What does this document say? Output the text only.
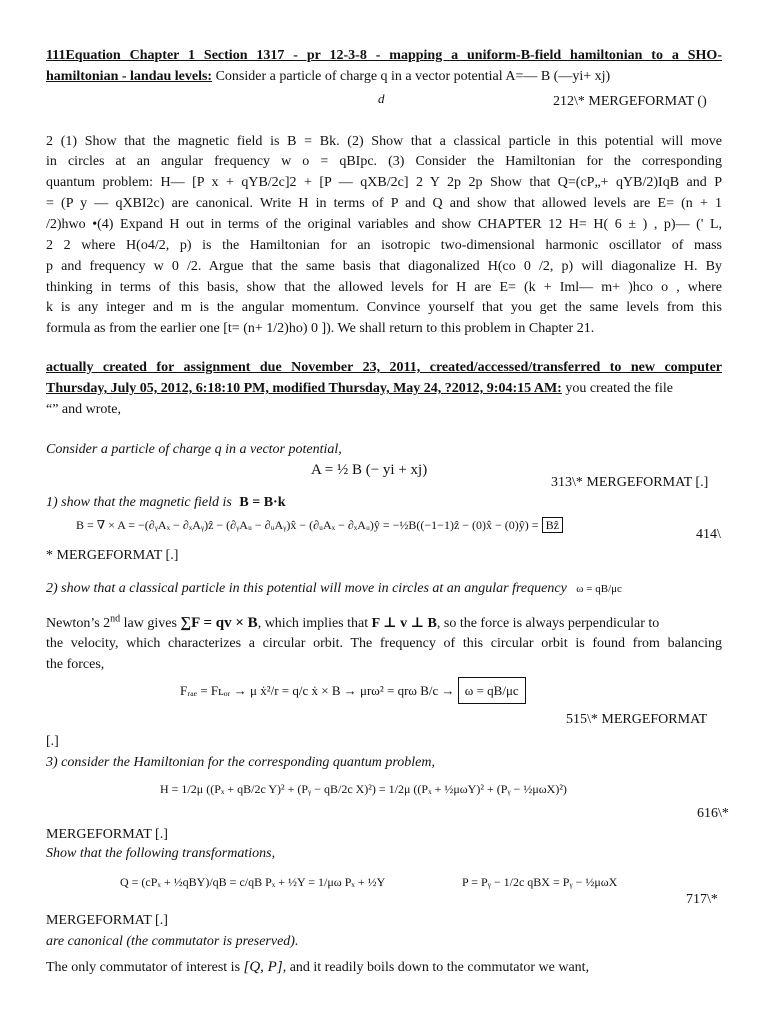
111Equation Chapter 1 Section 1317 - pr 12-3-8 - mapping a uniform-B-field hamiltonian to a SHO-
hamiltonian - landau levels: Consider a particle of charge q in a vector potential A=— B (—yi+ xj)
d	212\* MERGEFORMAT ()
2 (1) Show that the magnetic field is B = Bk. (2) Show that a classical particle in this potential will move
in circles at an angular frequency w o = qBIpc. (3) Consider the Hamiltonian for the corresponding
quantum problem: H— [P x + qYB/2c]2 + [P — qXB/2c] 2 Y 2p 2p Show that Q=(cP„+ qYB/2)IqB and P
= (P y — qXBI2c) are canonical. Write H in terms of P and Q and show that allowed levels are E= (n + 1
/2)hwo •(4) Expand H out in terms of the original variables and show CHAPTER 12 H= H( 6 ± ) , p)— (' L,
2 2 where H(o4/2, p) is the Hamiltonian for an isotropic two-dimensional harmonic oscillator of mass
p and frequency w 0 /2. Argue that the same basis that diagonalized H(co 0 /2, p) will diagonalize H. By
thinking in terms of this basis, show that the allowed levels for H are E= (k + Iml— m+ )hco o , where
k is any integer and m is the angular momentum. Convince yourself that you get the same levels from this
formula as from the earlier one [t= (n+ 1/2)ho) 0 ]). We shall return to this problem in Chapter 21.
actually created for assignment due November 23, 2011, created/accessed/transferred to new computer
Thursday, July 05, 2012, 6:18:10 PM, modified Thursday, May 24, ?2012, 9:04:15 AM: you created the file
“” and wrote,
Consider a particle of charge q in a vector potential,
A = ½ B (− yi + xj)
313\* MERGEFORMAT [.]
1) show that the magnetic field is B = B·k
B = ∇ × A = −(∂ᵧAₓ − ∂ₓAᵧ)ẑ − (∂ᵧAᵤ − ∂ᵤAᵧ)x̂ − (∂ᵤAₓ − ∂ₓAᵤ)ŷ = −½B((−1−1)ẑ − (0)x̂ − (0)ŷ) = Bẑ
414\
* MERGEFORMAT [.]
2) show that a classical particle in this potential will move in circles at an angular frequency ω = qB/μc
Newton’s 2nd law gives ∑F = qv × B, which implies that F ⊥ v ⊥ B, so the force is always perpendicular to
the velocity, which characterizes a circular orbit. The frequency of this circular orbit is found from balancing
the forces,
Fᵣₐₑ = Fʟₒᵣ → μ ẋ²/r = q/c ẋ × B → μrω² = qrω B/c → ω = qB/μc
515\* MERGEFORMAT
[.]
3) consider the Hamiltonian for the corresponding quantum problem,
H = 1/2μ ((Pₓ + qB/2c Y)² + (Pᵧ − qB/2c X)²) = 1/2μ ((Pₓ + ½μωY)² + (Pᵧ − ½μωX)²)
616\*
MERGEFORMAT [.]
Show that the following transformations,
Q = (cPₓ + ½qBY)/qB = c/qB Pₓ + ½Y = 1/μω Pₓ + ½Y	P = Pᵧ − 1/2c qBX = Pᵧ − ½μωX
717\*
MERGEFORMAT [.]
are canonical (the commutator is preserved).
The only commutator of interest is [Q, P], and it readily boils down to the commutator we want,
